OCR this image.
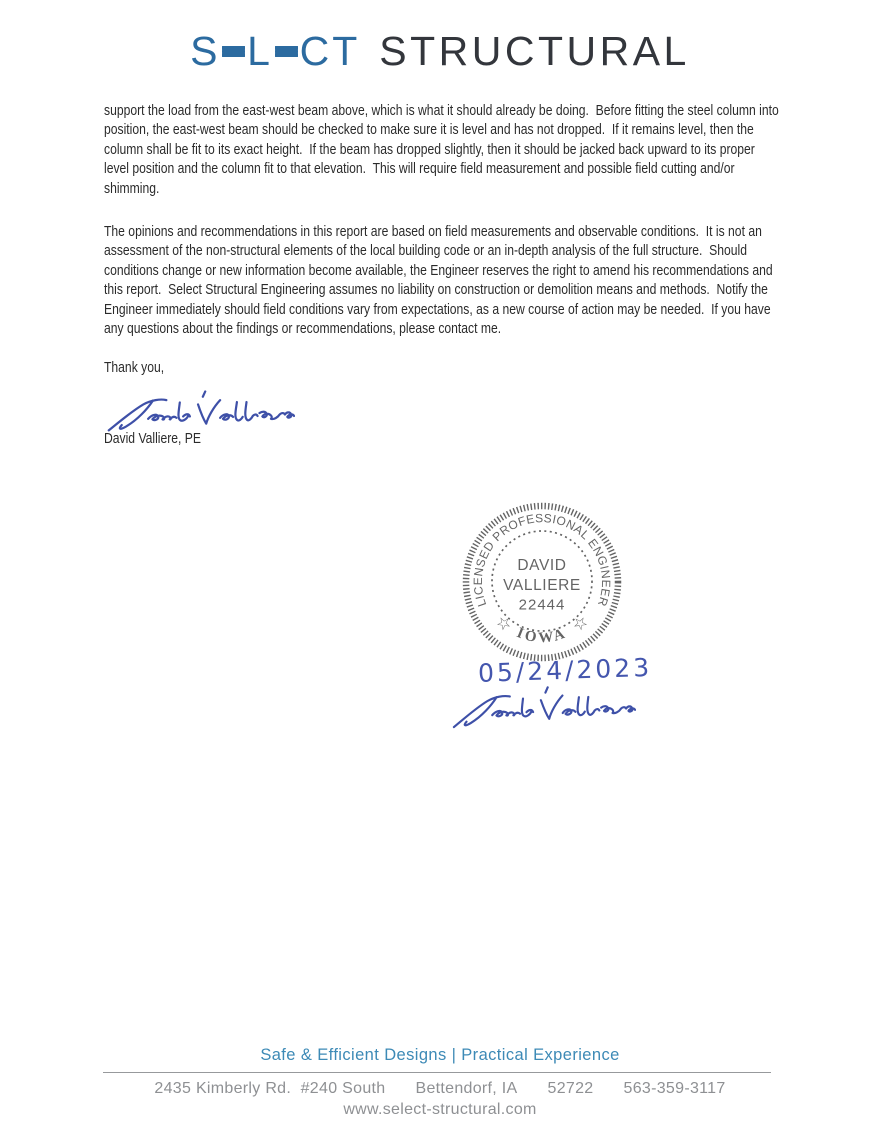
S L C T STRUCTURAL

support the load from the east-west beam above, which is what it should already be doing.  Before fitting the steel column into position, the east-west beam should be checked to make sure it is level and has not dropped.  If it remains level, then the column shall be fit to its exact height.  If the beam has dropped slightly, then it should be jacked back upward to its proper level position and the column fit to that elevation.  This will require field measurement and possible field cutting and/or shimming.

The opinions and recommendations in this report are based on field measurements and observable conditions.  It is not an assessment of the non-structural elements of the local building code or an in-depth analysis of the full structure.  Should conditions change or new information become available, the Engineer reserves the right to amend his recommendations and this report.  Select Structural Engineering assumes no liability on construction or demolition means and methods.  Notify the Engineer immediately should field conditions vary from expectations, as a new course of action may be needed.  If you have any questions about the findings or recommendations, please contact me.

Thank you,

David Valliere, PE

LICENSED PROFESSIONAL ENGINEER
IOWA
☆	☆
DAVID
VALLIERE
22444
05/24/2023
Safe & Efficient Designs | Practical Experience
2435 Kimberly Rd.  #240 South Bettendorf, IA 52722 563-359-3117
www.select-structural.com
